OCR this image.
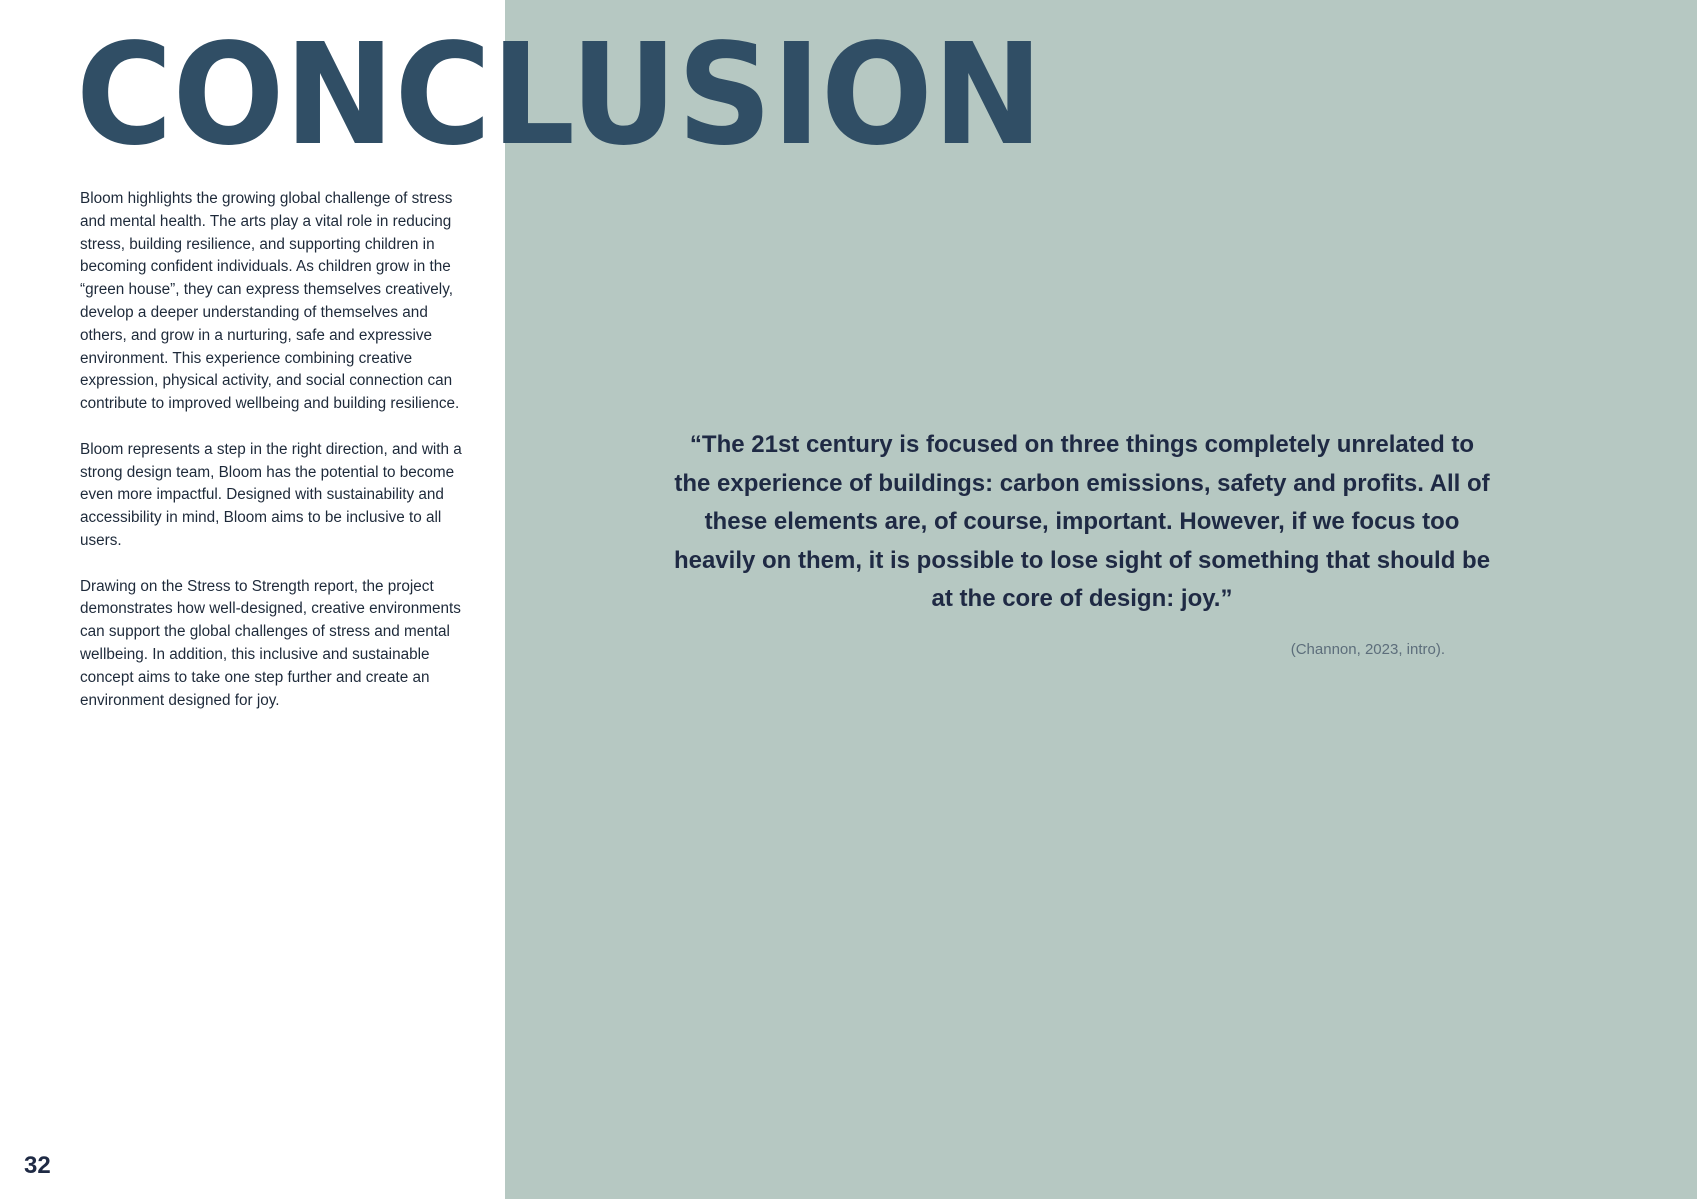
CONCLUSION

Bloom highlights the growing global challenge of stress and mental health. The arts play a vital role in reducing stress, building resilience, and supporting children in becoming confident individuals. As children grow in the “green house”, they can express themselves creatively, develop a deeper understanding of themselves and others, and grow in a nurturing, safe and expressive environment. This experience combining creative expression, physical activity, and social connection can contribute to improved wellbeing and building resilience.

Bloom represents a step in the right direction, and with a strong design team, Bloom has the potential to become even more impactful. Designed with sustainability and accessibility in mind, Bloom aims to be inclusive to all users.

Drawing on the Stress to Strength report, the project demonstrates how well-designed, creative environments can support the global challenges of stress and mental wellbeing. In addition, this inclusive and sustainable concept aims to take one step further and create an environment designed for joy.

“The 21st century is focused on three things completely unrelated to the experience of buildings: carbon emissions, safety and profits. All of these elements are, of course, important. However, if we focus too heavily on them, it is possible to lose sight of something that should be at the core of design: joy.”
(Channon, 2023, intro).
32
